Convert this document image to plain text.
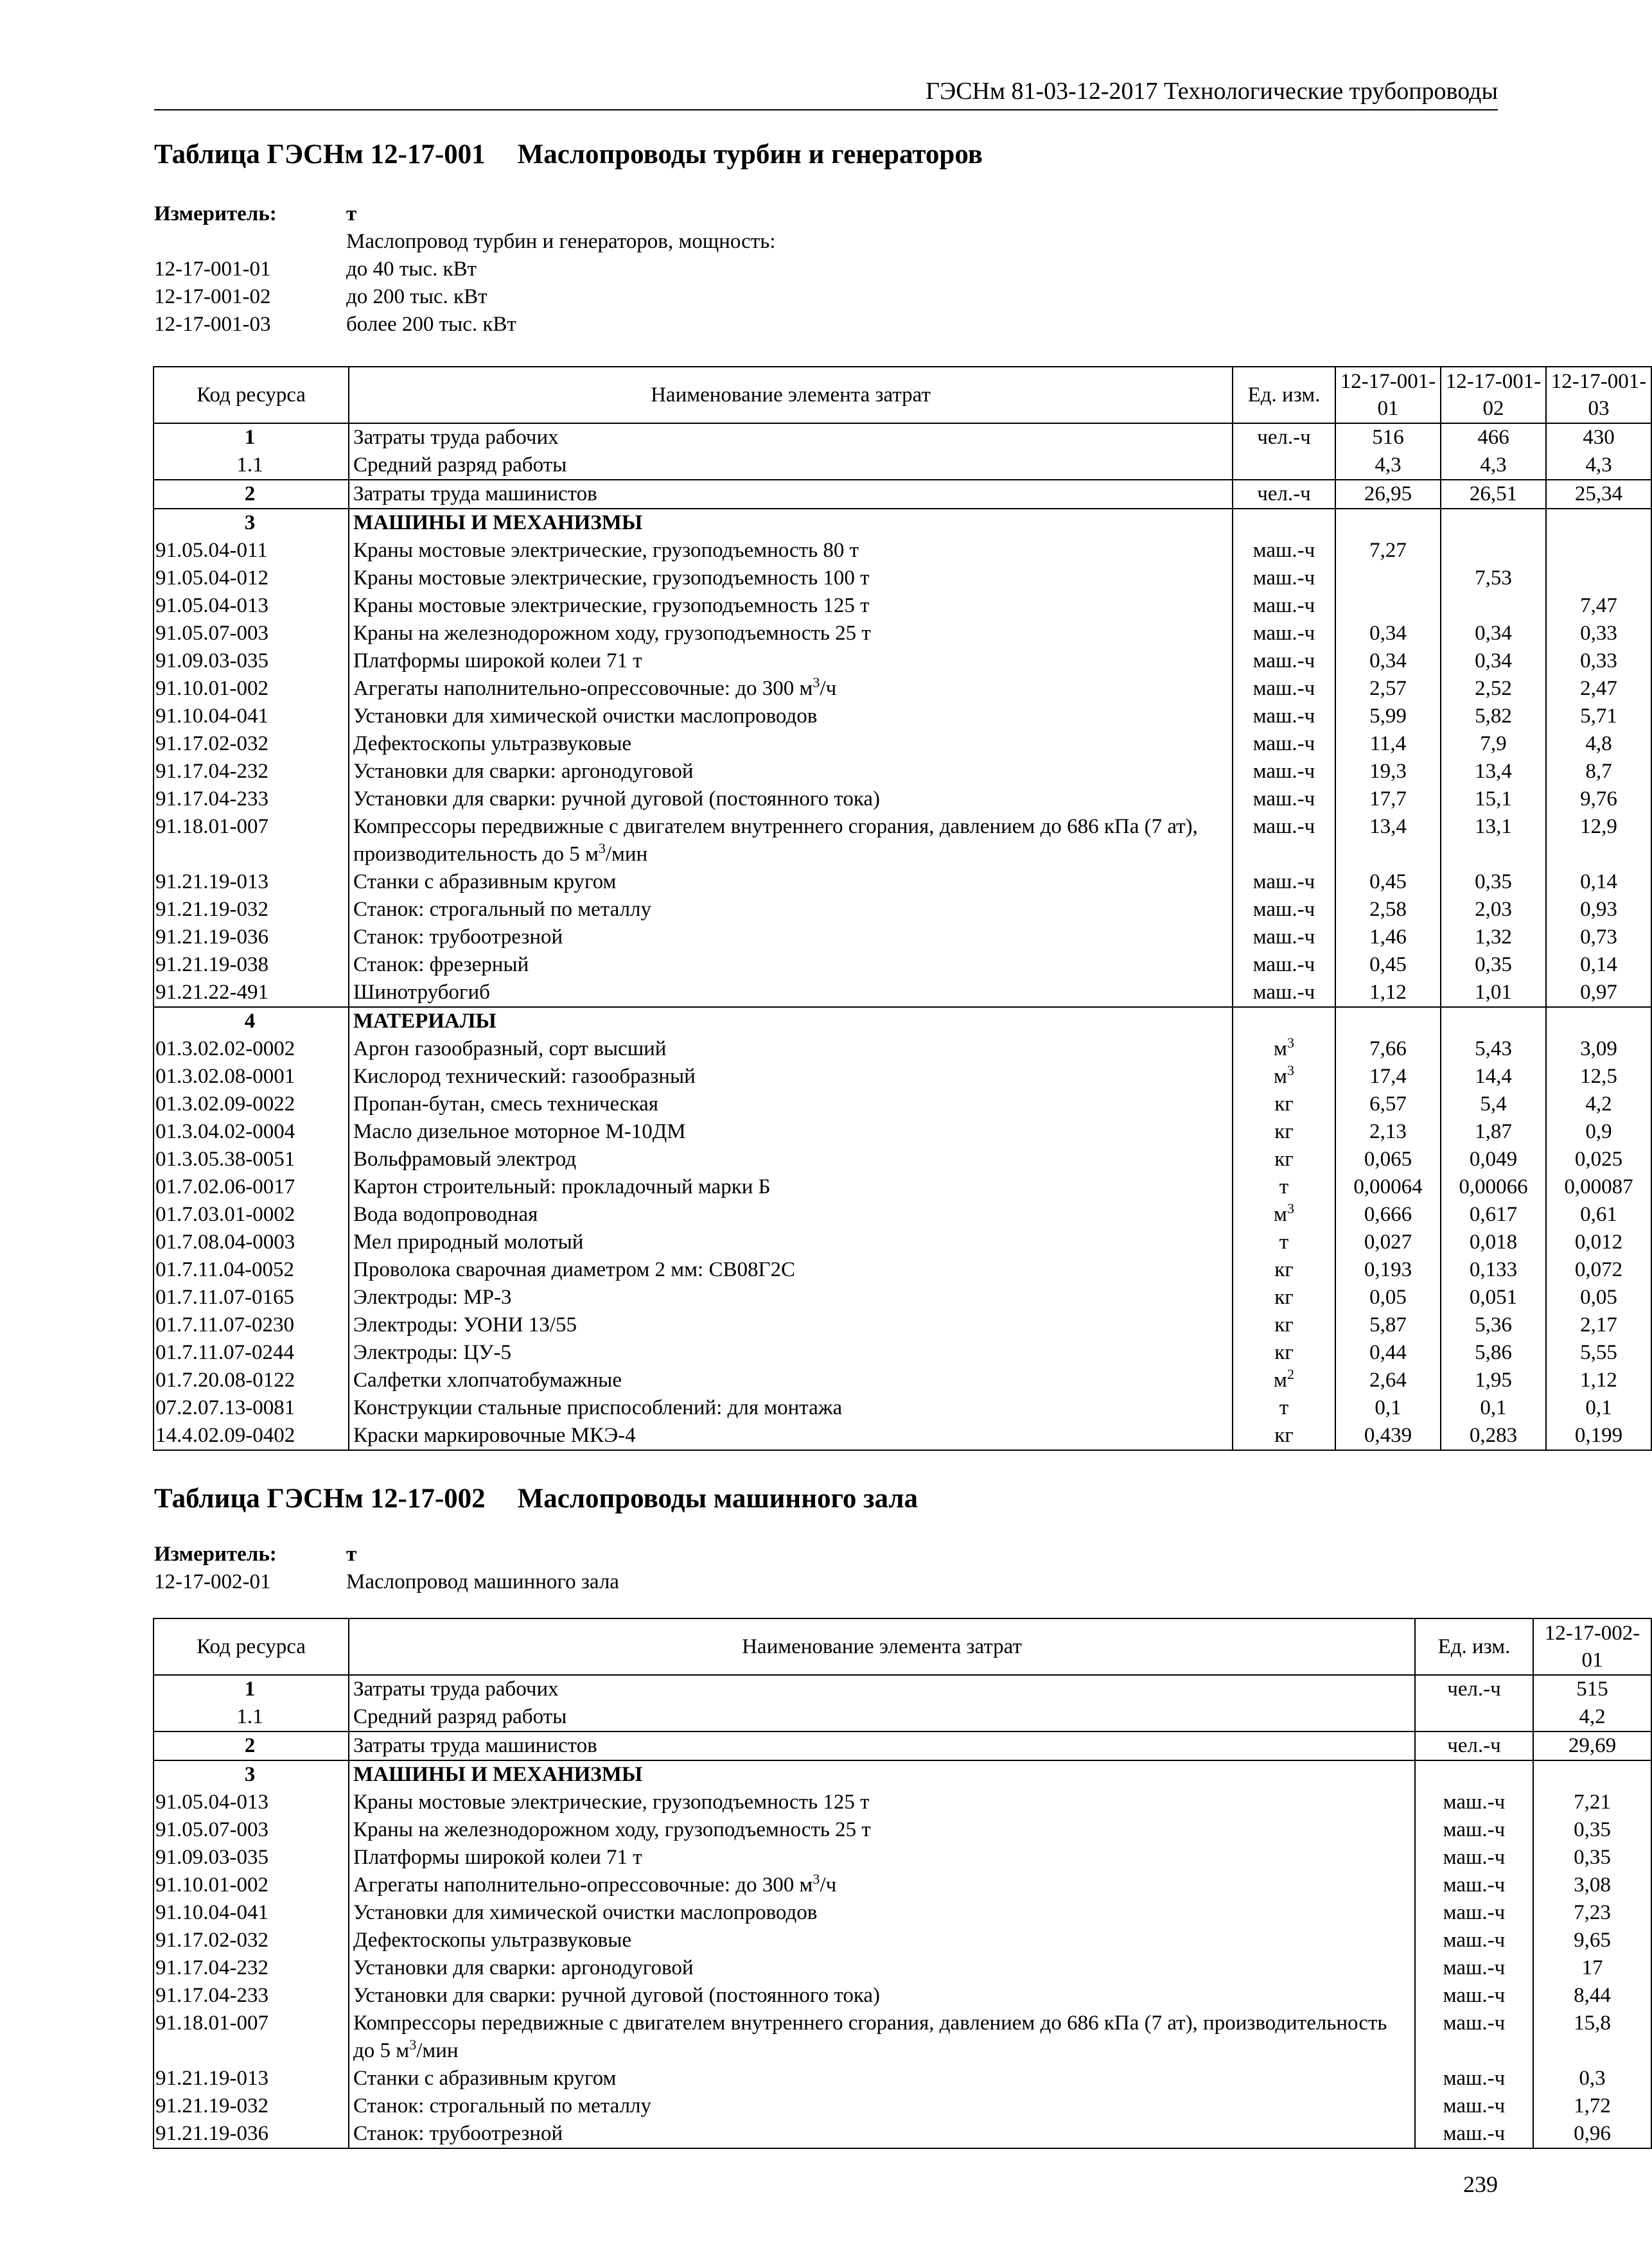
ГЭСНм 81-03-12-2017 Технологические трубопроводы
Таблица ГЭСНм 12-17-001 Маслопроводы турбин и генераторов
Измеритель:	т
Маслопровод турбин и генераторов, мощность:
12-17-001-01	до 40 тыс. кВт
12-17-001-02	до 200 тыс. кВт
12-17-001-03	более 200 тыс. кВт
Код ресурса	Наименование элемента затрат	Ед. изм.	12-17-001-01	12-17-001-02	12-17-001-03
1	Затраты труда рабочих	чел.-ч	516	466	430
1.1	Средний разряд работы		4,3	4,3	4,3
2	Затраты труда машинистов	чел.-ч	26,95	26,51	25,34
3	МАШИНЫ И МЕХАНИЗМЫ				
91.05.04-011	Краны мостовые электрические, грузоподъемность 80 т	маш.-ч	7,27		
91.05.04-012	Краны мостовые электрические, грузоподъемность 100 т	маш.-ч		7,53	
91.05.04-013	Краны мостовые электрические, грузоподъемность 125 т	маш.-ч			7,47
91.05.07-003	Краны на железнодорожном ходу, грузоподъемность 25 т	маш.-ч	0,34	0,34	0,33
91.09.03-035	Платформы широкой колеи 71 т	маш.-ч	0,34	0,34	0,33
91.10.01-002	Агрегаты наполнительно-опрессовочные: до 300 $м^3/ч$	маш.-ч	2,57	2,52	2,47
91.10.04-041	Установки для химической очистки маслопроводов	маш.-ч	5,99	5,82	5,71
91.17.02-032	Дефектоскопы ультразвуковые	маш.-ч	11,4	7,9	4,8
91.17.04-232	Установки для сварки: аргонодуговой	маш.-ч	19,3	13,4	8,7
91.17.04-233	Установки для сварки: ручной дуговой (постоянного тока)	маш.-ч	17,7	15,1	9,76
91.18.01-007	Компрессоры передвижные с двигателем внутреннего сгорания, давлением до 686 кПа (7 ат), производительность до 5 $м^3$/мин	маш.-ч	13,4	13,1	12,9
91.21.19-013	Станки с абразивным кругом	маш.-ч	0,45	0,35	0,14
91.21.19-032	Станок: строгальный по металлу	маш.-ч	2,58	2,03	0,93
91.21.19-036	Станок: трубоотрезной	маш.-ч	1,46	1,32	0,73
91.21.19-038	Станок: фрезерный	маш.-ч	0,45	0,35	0,14
91.21.22-491	Шинотрубогиб	маш.-ч	1,12	1,01	0,97
4	МАТЕРИАЛЫ				
01.3.02.02-0002	Аргон газообразный, сорт высший	$м^3$	7,66	5,43	3,09
01.3.02.08-0001	Кислород технический: газообразный	$м^3$	17,4	14,4	12,5
01.3.02.09-0022	Пропан-бутан, смесь техническая	кг	6,57	5,4	4,2
01.3.04.02-0004	Масло дизельное моторное М-10ДМ	кг	2,13	1,87	0,9
01.3.05.38-0051	Вольфрамовый электрод	кг	0,065	0,049	0,025
01.7.02.06-0017	Картон строительный: прокладочный марки Б	т	0,00064	0,00066	0,00087
01.7.03.01-0002	Вода водопроводная	$м^3$	0,666	0,617	0,61
01.7.08.04-0003	Мел природный молотый	т	0,027	0,018	0,012
01.7.11.04-0052	Проволока сварочная диаметром 2 мм: СВ08Г2С	кг	0,193	0,133	0,072
01.7.11.07-0165	Электроды: МР-3	кг	0,05	0,051	0,05
01.7.11.07-0230	Электроды: УОНИ 13/55	кг	5,87	5,36	2,17
01.7.11.07-0244	Электроды: ЦУ-5	кг	0,44	5,86	5,55
01.7.20.08-0122	Салфетки хлопчатобумажные	$м^2$	2,64	1,95	1,12
07.2.07.13-0081	Конструкции стальные приспособлений: для монтажа	т	0,1	0,1	0,1
14.4.02.09-0402	Краски маркировочные МКЭ-4	кг	0,439	0,283	0,199
Таблица ГЭСНм 12-17-002 Маслопроводы машинного зала
Измеритель:	т
12-17-002-01	Маслопровод машинного зала
Код ресурса	Наименование элемента затрат	Ед. изм.	12-17-002-01
1	Затраты труда рабочих	чел.-ч	515
1.1	Средний разряд работы		4,2
2	Затраты труда машинистов	чел.-ч	29,69
3	МАШИНЫ И МЕХАНИЗМЫ		
91.05.04-013	Краны мостовые электрические, грузоподъемность 125 т	маш.-ч	7,21
91.05.07-003	Краны на железнодорожном ходу, грузоподъемность 25 т	маш.-ч	0,35
91.09.03-035	Платформы широкой колеи 71 т	маш.-ч	0,35
91.10.01-002	Агрегаты наполнительно-опрессовочные: до 300 $м^3/ч$	маш.-ч	3,08
91.10.04-041	Установки для химической очистки маслопроводов	маш.-ч	7,23
91.17.02-032	Дефектоскопы ультразвуковые	маш.-ч	9,65
91.17.04-232	Установки для сварки: аргонодуговой	маш.-ч	17
91.17.04-233	Установки для сварки: ручной дуговой (постоянного тока)	маш.-ч	8,44
91.18.01-007	Компрессоры передвижные с двигателем внутреннего сгорания, давлением до 686 кПа (7 ат), производительность до 5 $м^3$/мин	маш.-ч	15,8
91.21.19-013	Станки с абразивным кругом	маш.-ч	0,3
91.21.19-032	Станок: строгальный по металлу	маш.-ч	1,72
91.21.19-036	Станок: трубоотрезной	маш.-ч	0,96
239
